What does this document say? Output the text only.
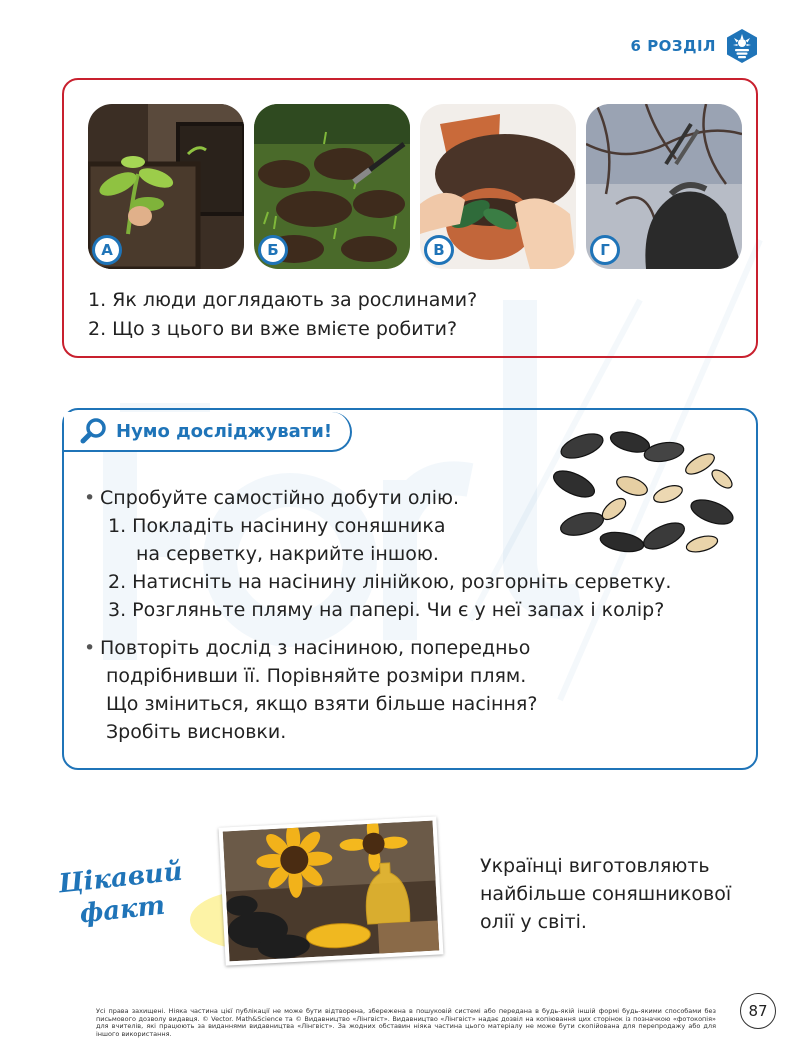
6 РОЗДІЛ
А	Б	В	Г
1. Як люди доглядають за рослинами?
2. Що з цього ви вже вмієте робити?
Нумо досліджувати!
• Спробуйте самостійно добути олію.
1. Покладіть насінину соняшника
на серветку, накрийте іншою.
2. Натисніть на насінину лінійкою, розгорніть серветку.
3. Розгляньте пляму на папері. Чи є у неї запах і колір?
• Повторіть дослід з насіниною, попередньо
подрібнивши її. Порівняйте розміри плям.
Що зміниться, якщо взяти більше насіння?
Зробіть висновки.
Цікавий
факт
Українці виготовляють
найбільше соняшникової
олії у світі.
87
Усі права захищені. Ніяка частина цієї публікації не може бути відтворена, збережена в пошуковій системі або передана в будь-якій іншій формі будь-якими способами без письмового дозволу видавця. © Vector. Math&Science та © Видавництво «Лінгвіст». Видавництво «Лінгвіст» надає дозвіл на копіювання цих сторінок із позначкою «фотокопія» для вчителів, які працюють за виданнями видавництва «Лінгвіст». За жодних обставин ніяка частина цього матеріалу не може бути скопійована для перепродажу або для іншого використання.
